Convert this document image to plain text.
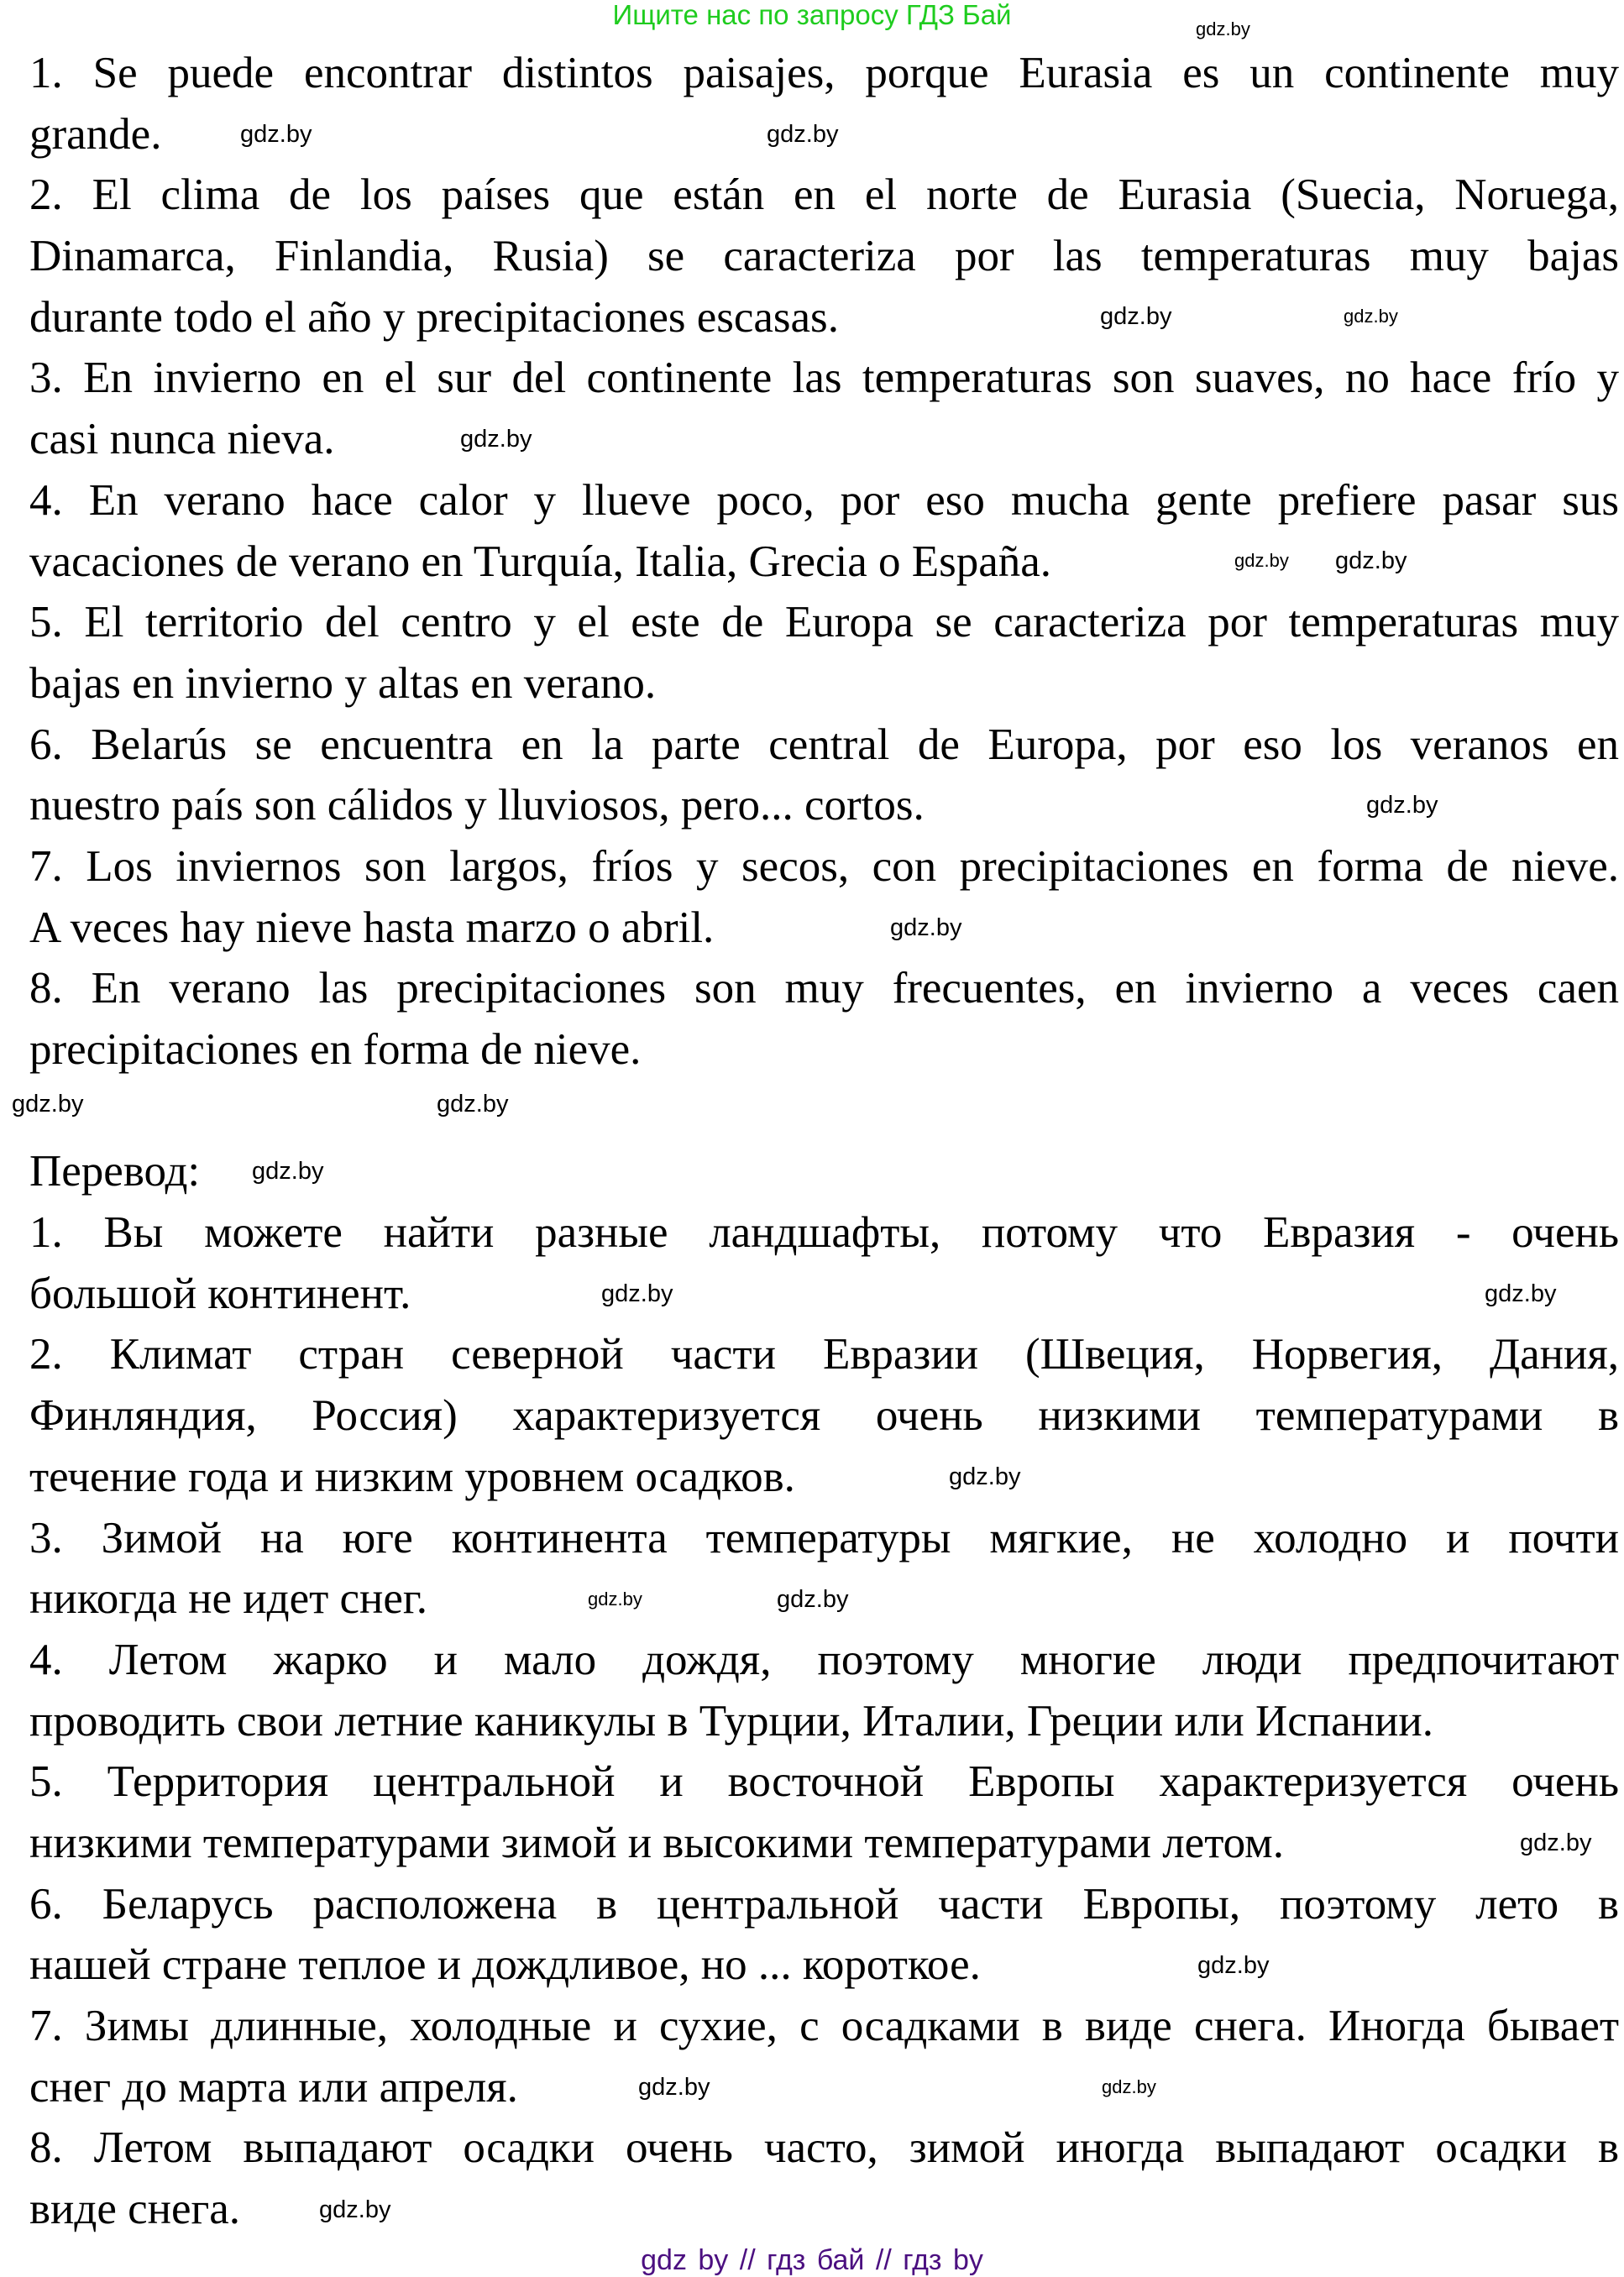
Ищите нас по запросу ГДЗ Бай
1. Se puede encontrar distintos paisajes, porque Eurasia es un continente muy
grande.
2. El clima de los países que están en el norte de Eurasia (Suecia, Noruega,
Dinamarca, Finlandia, Rusia) se caracteriza por las temperaturas muy bajas
durante todo el año y precipitaciones escasas.
3. En invierno en el sur del continente las temperaturas son suaves, no hace frío y
casi nunca nieva.
4. En verano hace calor y llueve poco, por eso mucha gente prefiere pasar sus
vacaciones de verano en Turquía, Italia, Grecia o España.
5. El territorio del centro y el este de Europa se caracteriza por temperaturas muy
bajas en invierno y altas en verano.
6. Belarús se encuentra en la parte central de Europa, por eso los veranos en
nuestro país son cálidos y lluviosos, pero... cortos.
7. Los inviernos son largos, fríos y secos, con precipitaciones en forma de nieve.
A veces hay nieve hasta marzo o abril.
8. En verano las precipitaciones son muy frecuentes, en invierno a veces caen
precipitaciones en forma de nieve.
Перевод:
1. Вы можете найти разные ландшафты, потому что Евразия - очень
большой континент.
2. Климат стран северной части Евразии (Швеция, Норвегия, Дания,
Финляндия, Россия) характеризуется очень низкими температурами в
течение года и низким уровнем осадков.
3. Зимой на юге континента температуры мягкие, не холодно и почти
никогда не идет снег.
4. Летом жарко и мало дождя, поэтому многие люди предпочитают
проводить свои летние каникулы в Турции, Италии, Греции или Испании.
5. Территория центральной и восточной Европы характеризуется очень
низкими температурами зимой и высокими температурами летом.
6. Беларусь расположена в центральной части Европы, поэтому лето в
нашей стране теплое и дождливое, но ... короткое.
7. Зимы длинные, холодные и сухие, с осадками в виде снега. Иногда бывает
снег до марта или апреля.
8. Летом выпадают осадки очень часто, зимой иногда выпадают осадки в
виде снега.
gdz.by
gdz.by	gdz.by
gdz.by
gdz.by
gdz.by
gdz.by gdz.by
gdz.by
gdz.by
gdz.by
gdz.by
gdz.by
gdz.by
gdz.by
gdz.by
gdz.by
gdz.by
gdz.by
gdz.by
gdz.by	gdz.by
gdz.by
gdz by // гдз бай // гдз by
